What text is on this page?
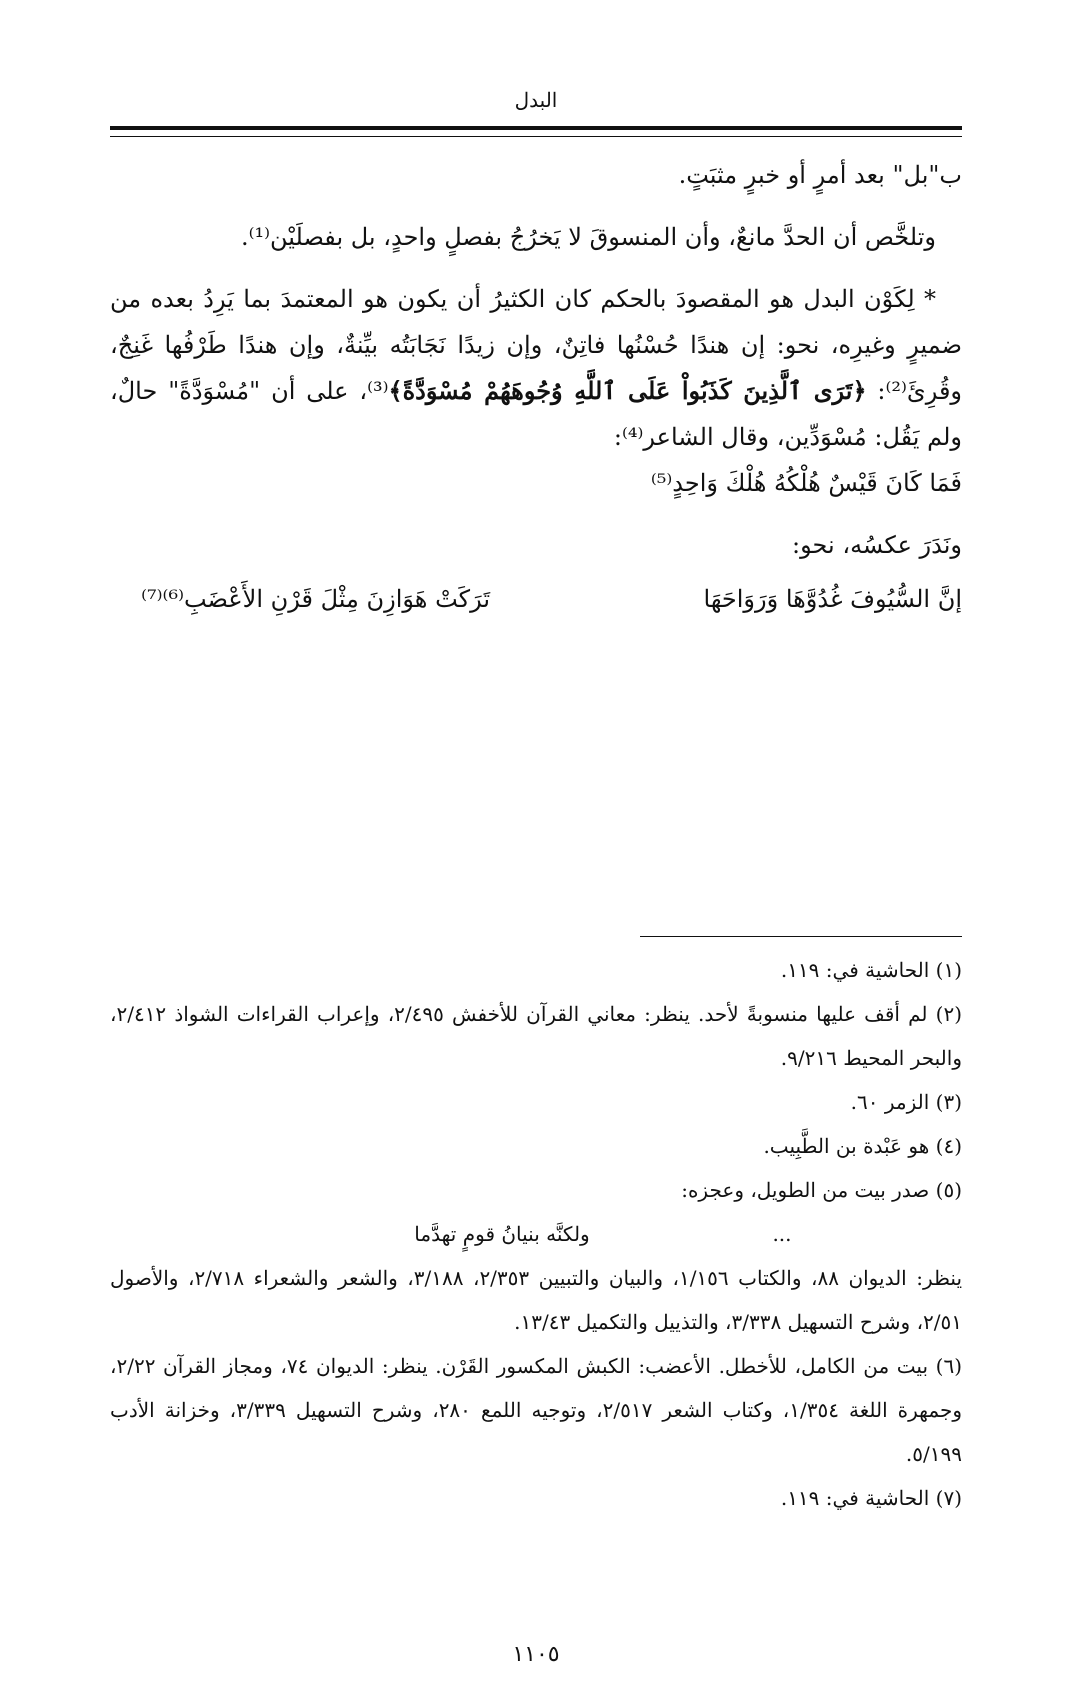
البدل

ب"بل" بعد أمرٍ أو خبرٍ مثبَتٍ.

وتلخَّص أن الحدَّ مانعٌ، وأن المنسوقَ لا يَخرُجُ بفصلٍ واحدٍ، بل بفصلَيْن⁽¹⁾.

* لِكَوْن البدل هو المقصودَ بالحكم كان الكثيرُ أن يكون هو المعتمدَ بما يَرِدُ بعده من ضميرٍ وغيرِه، نحو: إن هندًا حُسْنُها فاتِنٌ، وإن زيدًا نَجَابَتُه بيِّنةٌ، وإن هندًا طَرْفُها غَنِجٌ، وقُرِئَ⁽²⁾: ﴿تَرَى ٱلَّذِينَ كَذَبُواْ عَلَى ٱللَّهِ وُجُوهَهُمْ مُسْوَدَّةً﴾⁽³⁾، على أن "مُسْوَدَّةً" حالٌ، ولم يَقُل: مُسْوَدِّين، وقال الشاعر⁽⁴⁾:

فَمَا كَانَ قَيْسٌ هُلْكُهُ هُلْكَ وَاحِدٍ⁽⁵⁾

ونَدَرَ عكسُه، نحو:

إنَّ السُّيُوفَ غُدُوَّهَا وَرَوَاحَهَا
تَرَكَتْ هَوَازِنَ مِثْلَ قَرْنِ الأَعْضَبِ⁽⁶⁾⁽⁷⁾

(١) الحاشية في: ١١٩.

(٢) لم أقف عليها منسوبةً لأحد. ينظر: معاني القرآن للأخفش ٢/٤٩٥، وإعراب القراءات الشواذ ٢/٤١٢، والبحر المحيط ٩/٢١٦.

(٣) الزمر ٦٠.

(٤) هو عَبْدة بن الطَّبِيب.

(٥) صدر بيت من الطويل، وعجزه:

...
ولكنَّه بنيانُ قومٍ تهدَّما

ينظر: الديوان ٨٨، والكتاب ١/١٥٦، والبيان والتبيين ٢/٣٥٣، ٣/١٨٨، والشعر والشعراء ٢/٧١٨، والأصول ٢/٥١، وشرح التسهيل ٣/٣٣٨، والتذييل والتكميل ١٣/٤٣.

(٦) بيت من الكامل، للأخطل. الأعضب: الكبش المكسور القَرْن. ينظر: الديوان ٧٤، ومجاز القرآن ٢/٢٢، وجمهرة اللغة ١/٣٥٤، وكتاب الشعر ٢/٥١٧، وتوجيه اللمع ٢٨٠، وشرح التسهيل ٣/٣٣٩، وخزانة الأدب ٥/١٩٩.

(٧) الحاشية في: ١١٩.

١١٠٥
